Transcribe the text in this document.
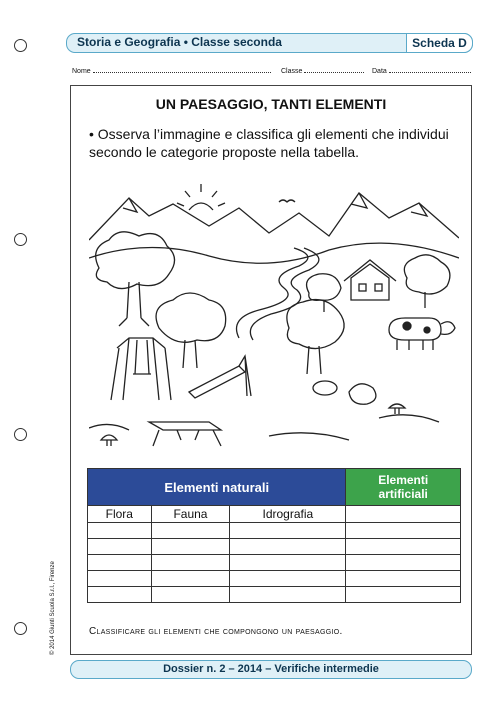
Storia e Geografia • Classe seconda	Scheda D
Nome	Classe	Data
UN PAESAGGIO, TANTI ELEMENTI
• Osserva l’immagine e classifica gli elementi che individui secondo le categorie proposte nella tabella.
Elementi naturali			Elementi
artificiali
Flora	Fauna	Idrografia	

Classificare gli elementi che compongono un paesaggio.
Dossier n. 2 – 2014 – Verifiche intermedie
© 2014 Giunti Scuola S.r.l., Firenze
